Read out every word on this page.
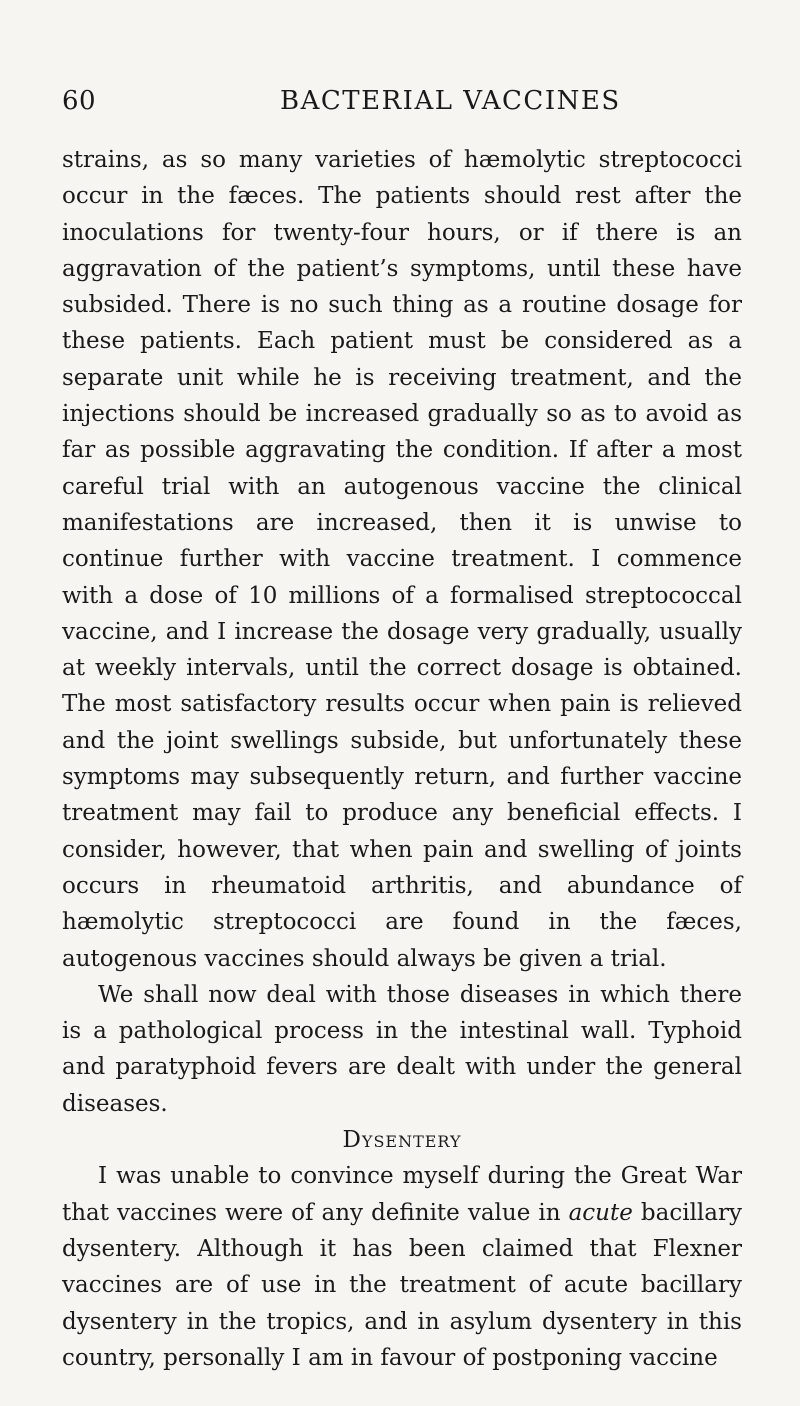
60	BACTERIAL VACCINES

strains, as so many varieties of hæmolytic streptococci occur in the fæces. The patients should rest after the inoculations for twenty-four hours, or if there is an aggravation of the patient’s symptoms, until these have subsided. There is no such thing as a routine dosage for these patients. Each patient must be considered as a separate unit while he is receiving treatment, and the injections should be increased gradually so as to avoid as far as possible aggravating the condition. If after a most careful trial with an autogenous vaccine the clinical manifestations are increased, then it is unwise to continue further with vaccine treatment. I commence with a dose of 10 millions of a formalised streptococcal vaccine, and I increase the dosage very gradually, usually at weekly intervals, until the correct dosage is obtained. The most satisfactory results occur when pain is relieved and the joint swellings subside, but unfortunately these symptoms may subsequently return, and further vaccine treatment may fail to produce any beneficial effects. I consider, however, that when pain and swelling of joints occurs in rheumatoid arthritis, and abundance of hæmolytic streptococci are found in the fæces, autogenous vaccines should always be given a trial.

We shall now deal with those diseases in which there is a pathological process in the intestinal wall. Typhoid and paratyphoid fevers are dealt with under the general diseases.

Dysentery

I was unable to convince myself during the Great War that vaccines were of any definite value in acute bacillary dysentery. Although it has been claimed that Flexner vaccines are of use in the treatment of acute bacillary dysentery in the tropics, and in asylum dysentery in this country, personally I am in favour of postponing vaccine
